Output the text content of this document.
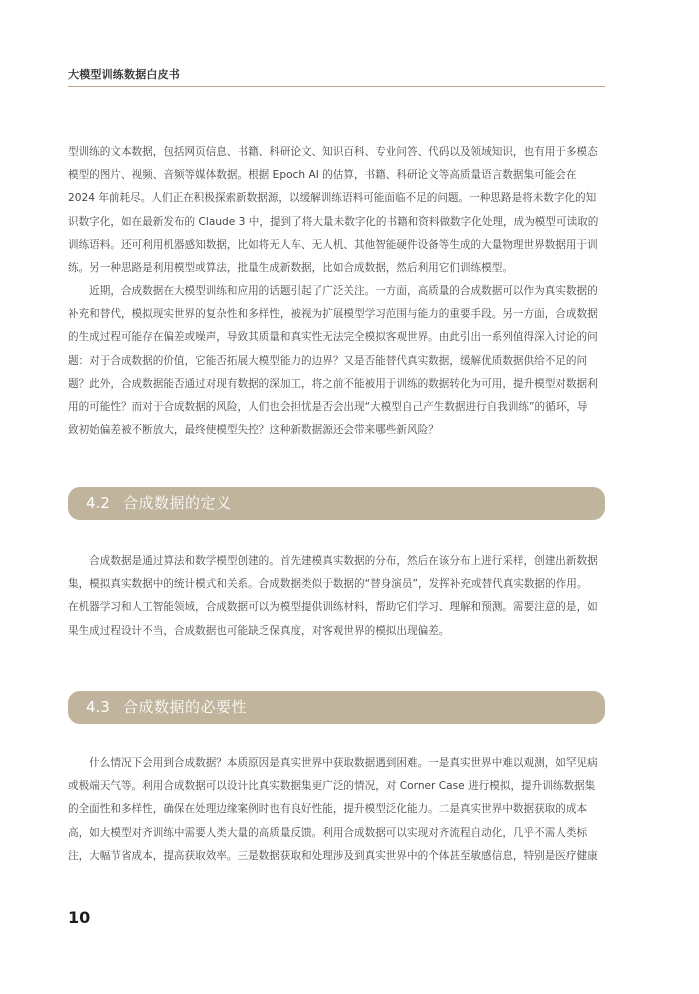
大模型训练数据白皮书
型训练的文本数据，包括网页信息、书籍、科研论文、知识百科、专业问答、代码以及领域知识，也有用于多模态
模型的图片、视频、音频等媒体数据。根据 Epoch AI 的估算，书籍、科研论文等高质量语言数据集可能会在
2024 年前耗尽。人们正在积极探索新数据源，以缓解训练语料可能面临不足的问题。一种思路是将未数字化的知
识数字化，如在最新发布的 Claude 3 中，提到了将大量未数字化的书籍和资料做数字化处理，成为模型可读取的
训练语料。还可利用机器感知数据，比如将无人车、无人机、其他智能硬件设备等生成的大量物理世界数据用于训
练。另一种思路是利用模型或算法，批量生成新数据，比如合成数据，然后利用它们训练模型。
　　近期，合成数据在大模型训练和应用的话题引起了广泛关注。一方面，高质量的合成数据可以作为真实数据的
补充和替代，模拟现实世界的复杂性和多样性，被视为扩展模型学习范围与能力的重要手段。另一方面，合成数据
的生成过程可能存在偏差或噪声，导致其质量和真实性无法完全模拟客观世界。由此引出一系列值得深入讨论的问
题：对于合成数据的价值，它能否拓展大模型能力的边界？又是否能替代真实数据，缓解优质数据供给不足的问
题？此外，合成数据能否通过对现有数据的深加工，将之前不能被用于训练的数据转化为可用，提升模型对数据利
用的可能性？而对于合成数据的风险，人们也会担忧是否会出现“大模型自己产生数据进行自我训练”的循环，导
致初始偏差被不断放大，最终使模型失控？这种新数据源还会带来哪些新风险？
4.2 合成数据的定义
　　合成数据是通过算法和数学模型创建的。首先建模真实数据的分布，然后在该分布上进行采样，创建出新数据
集，模拟真实数据中的统计模式和关系。合成数据类似于数据的“替身演员”，发挥补充或替代真实数据的作用。
在机器学习和人工智能领域，合成数据可以为模型提供训练材料，帮助它们学习、理解和预测。需要注意的是，如
果生成过程设计不当，合成数据也可能缺乏保真度，对客观世界的模拟出现偏差。
4.3 合成数据的必要性
　　什么情况下会用到合成数据？本质原因是真实世界中获取数据遇到困难。一是真实世界中难以观测，如罕见病
或极端天气等。利用合成数据可以设计比真实数据集更广泛的情况，对 Corner Case 进行模拟，提升训练数据集
的全面性和多样性，确保在处理边缘案例时也有良好性能，提升模型泛化能力。二是真实世界中数据获取的成本
高，如大模型对齐训练中需要人类大量的高质量反馈。利用合成数据可以实现对齐流程自动化，几乎不需人类标
注，大幅节省成本，提高获取效率。三是数据获取和处理涉及到真实世界中的个体甚至敏感信息，特别是医疗健康
10
